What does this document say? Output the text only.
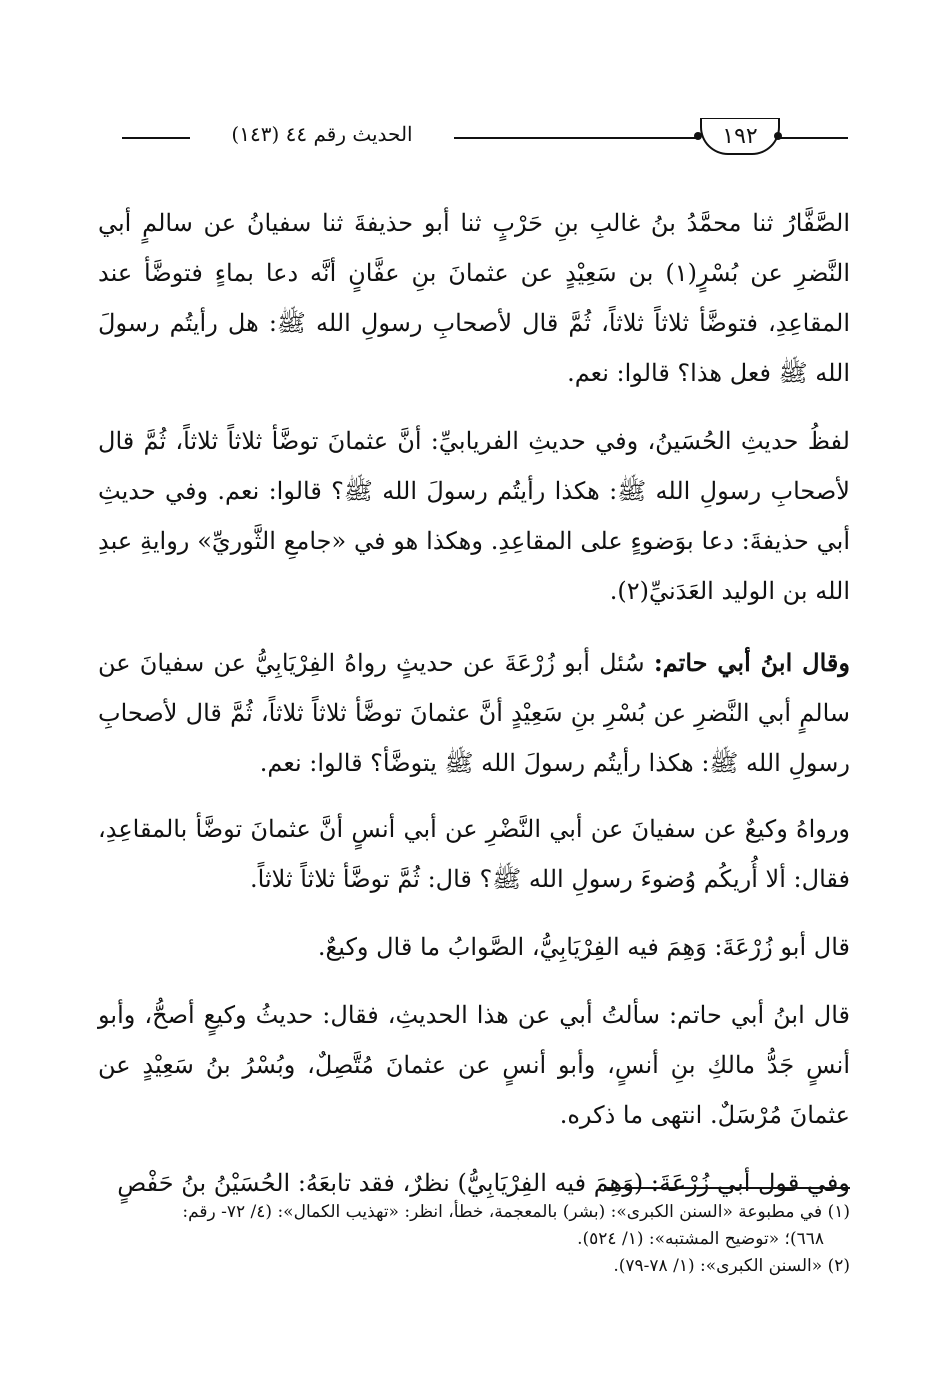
الحديث رقم ٤٤ (١٤٣)	١٩٢

الصَّفَّارُ ثنا محمَّدُ بنُ غالبِ بنِ حَرْبٍ ثنا أبو حذيفةَ ثنا سفيانُ عن سالمٍ أبي النَّضرِ عن بُسْرٍ(١) بن سَعِيْدٍ عن عثمانَ بنِ عفَّانٍ أنَّه دعا بماءٍ فتوضَّأ عند المقاعِدِ، فتوضَّأ ثلاثاً ثلاثاً، ثُمَّ قال لأصحابِ رسولِ الله ﷺ: هل رأيتُم رسولَ الله ﷺ فعل هذا؟ قالوا: نعم.

لفظُ حديثِ الحُسَينُ، وفي حديثِ الفريابيِّ: أنَّ عثمانَ توضَّأ ثلاثاً ثلاثاً، ثُمَّ قال لأصحابِ رسولِ الله ﷺ: هكذا رأيتُم رسولَ الله ﷺ؟ قالوا: نعم. وفي حديثِ أبي حذيفةَ: دعا بوَضوءٍ على المقاعِدِ. وهكذا هو في «جامعِ الثَّوريِّ» روايةِ عبدِ الله بن الوليد العَدَنيِّ(٢).

وقال ابنُ أبي حاتم: سُئل أبو زُرْعَةَ عن حديثٍ رواهُ الفِرْيَابِيُّ عن سفيانَ عن سالمٍ أبي النَّضرِ عن بُسْرِ بنِ سَعِيْدٍ أنَّ عثمانَ توضَّأ ثلاثاً ثلاثاً، ثُمَّ قال لأصحابِ رسولِ الله ﷺ: هكذا رأيتُم رسولَ الله ﷺ يتوضَّأ؟ قالوا: نعم.

ورواهُ وكيعٌ عن سفيانَ عن أبي النَّضْرِ عن أبي أنسٍ أنَّ عثمانَ توضَّأ بالمقاعِدِ، فقال: ألا أُريكُم وُضوءَ رسولِ الله ﷺ؟ قال: ثُمَّ توضَّأ ثلاثاً ثلاثاً.

قال أبو زُرْعَةَ: وَهِمَ فيه الفِرْيَابِيُّ، الصَّوابُ ما قال وكيعٌ.

قال ابنُ أبي حاتم: سألتُ أبي عن هذا الحديثِ، فقال: حديثُ وكيعٍ أصحُّ، وأبو أنسٍ جَدُّ مالكِ بنِ أنسٍ، وأبو أنسٍ عن عثمانَ مُتَّصِلٌ، وبُسْرُ بنُ سَعِيْدٍ عن عثمانَ مُرْسَلٌ. انتهى ما ذكره.

وفي قول أبي زُرْعَةَ: (وَهِمَ فيه الفِرْيَابِيُّ) نظرٌ، فقد تابعَهُ: الحُسَيْنُ بنُ حَفْصٍ

(١) في مطبوعة «السنن الكبرى»: (بشر) بالمعجمة، خطأ، انظر: «تهذيب الكمال»: (٤/ ٧٢- رقم:

٦٦٨)؛ «توضيح المشتبه»: (١/ ٥٢٤).

(٢) «السنن الكبرى»: (١/ ٧٨-٧٩).
